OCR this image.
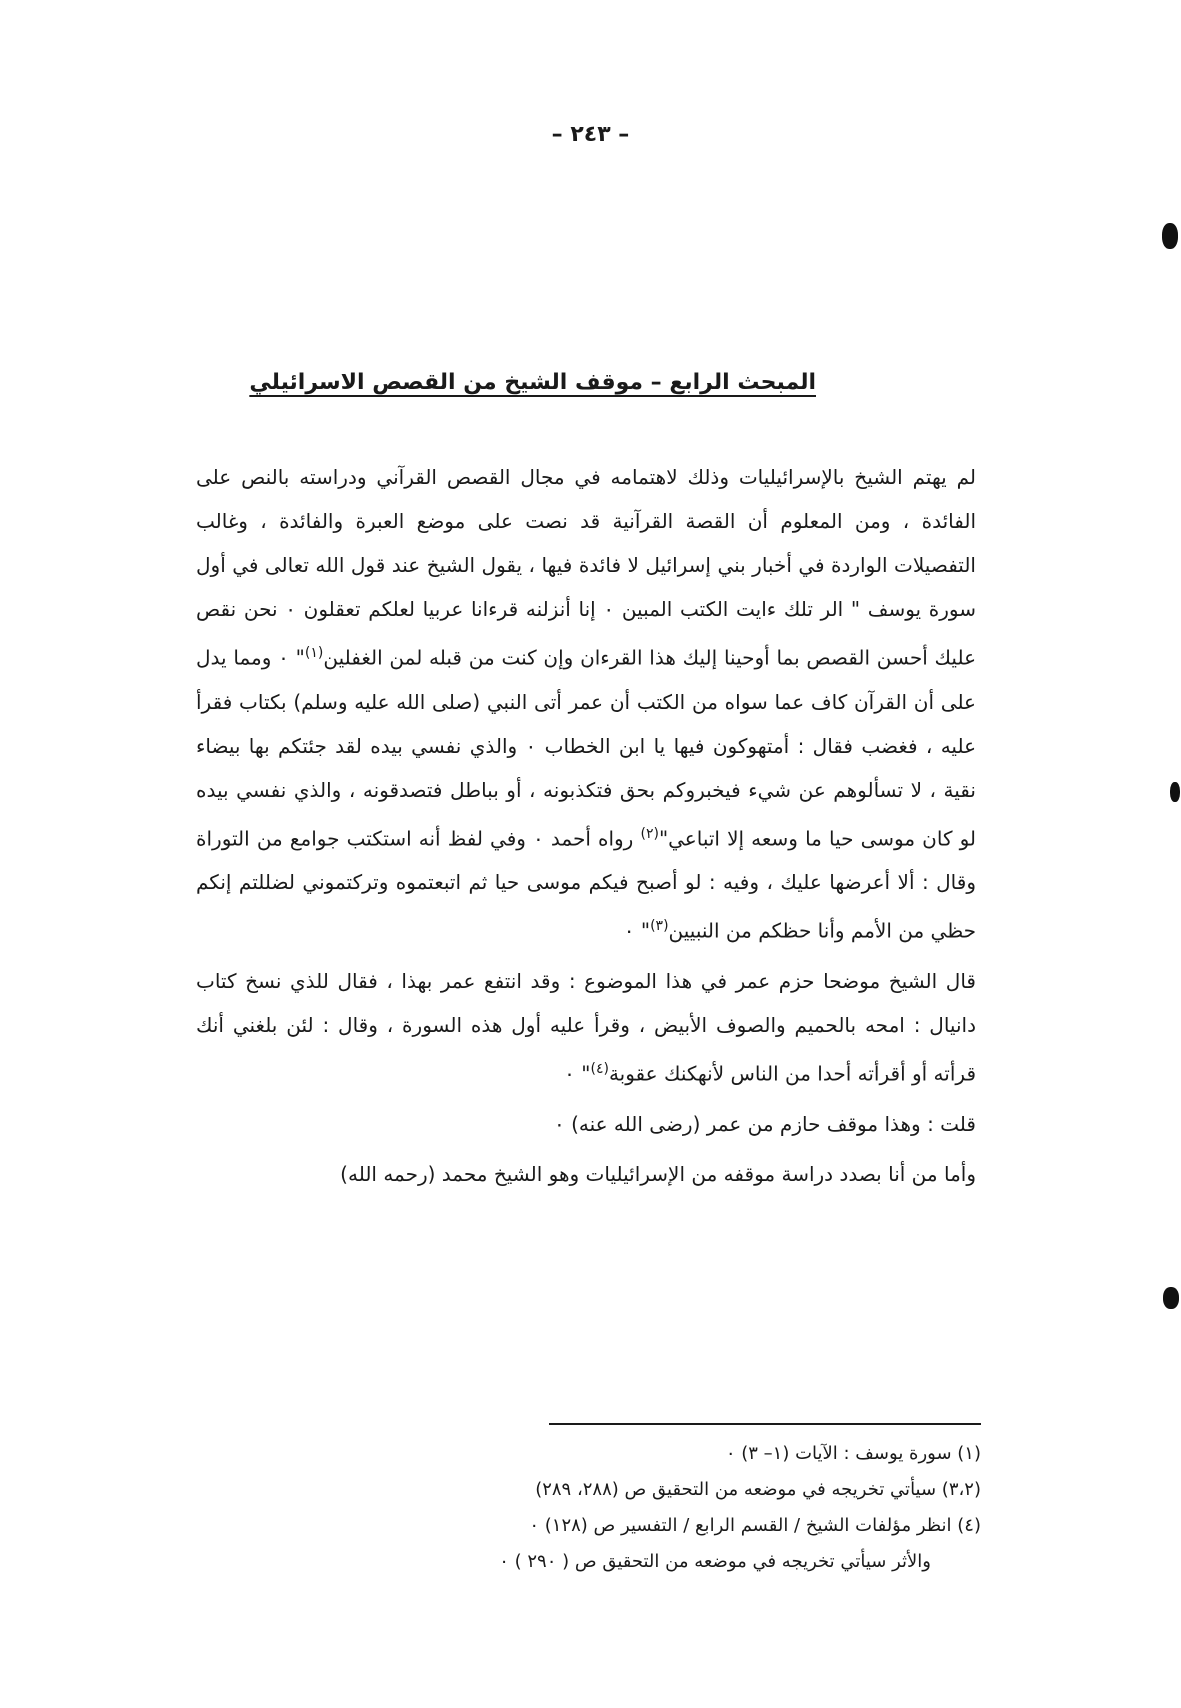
– ٢٤٣ –
المبحث الرابع – موقف الشيخ من القصص الاسرائيلي

لم يهتم الشيخ بالإسرائيليات وذلك لاهتمامه في مجال القصص القرآني ودراسته بالنص على الفائدة ، ومن المعلوم أن القصة القرآنية قد نصت على موضع العبرة والفائدة ، وغالب التفصيلات الواردة في أخبار بني إسرائيل لا فائدة فيها ، يقول الشيخ عند قول الله تعالى في أول سورة يوسف " الر تلك ءايت الكتب المبين ٠ إنا أنزلنه قرءانا عربيا لعلكم تعقلون ٠ نحن نقص عليك أحسن القصص بما أوحينا إليك هذا القرءان وإن كنت من قبله لمن الغفلين$^{(١)}$" ٠ ومما يدل على أن القرآن كاف عما سواه من الكتب أن عمر أتى النبي (صلى الله عليه وسلم) بكتاب فقرأ عليه ، فغضب فقال : أمتهوكون فيها يا ابن الخطاب ٠ والذي نفسي بيده لقد جئتكم بها بيضاء نقية ، لا تسألوهم عن شيء فيخبروكم بحق فتكذبونه ، أو بباطل فتصدقونه ، والذي نفسي بيده لو كان موسى حيا ما وسعه إلا اتباعي"$^{(٢)}$ رواه أحمد ٠ وفي لفظ أنه استكتب جوامع من التوراة وقال : ألا أعرضها عليك ، وفيه : لو أصبح فيكم موسى حيا ثم اتبعتموه وتركتموني لضللتم إنكم حظي من الأمم وأنا حظكم من النبيين$^{(٣)}$" ٠

قال الشيخ موضحا حزم عمر في هذا الموضوع : وقد انتفع عمر بهذا ، فقال للذي نسخ كتاب دانيال : امحه بالحميم والصوف الأبيض ، وقرأ عليه أول هذه السورة ، وقال : لئن بلغني أنك قرأته أو أقرأته أحدا من الناس لأنهكنك عقوبة$^{(٤)}$" ٠

قلت : وهذا موقف حازم من عمر (رضى الله عنه) ٠

وأما من أنا بصدد دراسة موقفه من الإسرائيليات وهو الشيخ محمد (رحمه الله)

(١) سورة يوسف : الآيات (١– ٣) ٠
(٣،٢) سيأتي تخريجه في موضعه من التحقيق ص (٢٨٨، ٢٨٩)
(٤) انظر مؤلفات الشيخ / القسم الرابع / التفسير ص (١٢٨) ٠
والأثر سيأتي تخريجه في موضعه من التحقيق ص ( ٢٩٠ ) ٠
